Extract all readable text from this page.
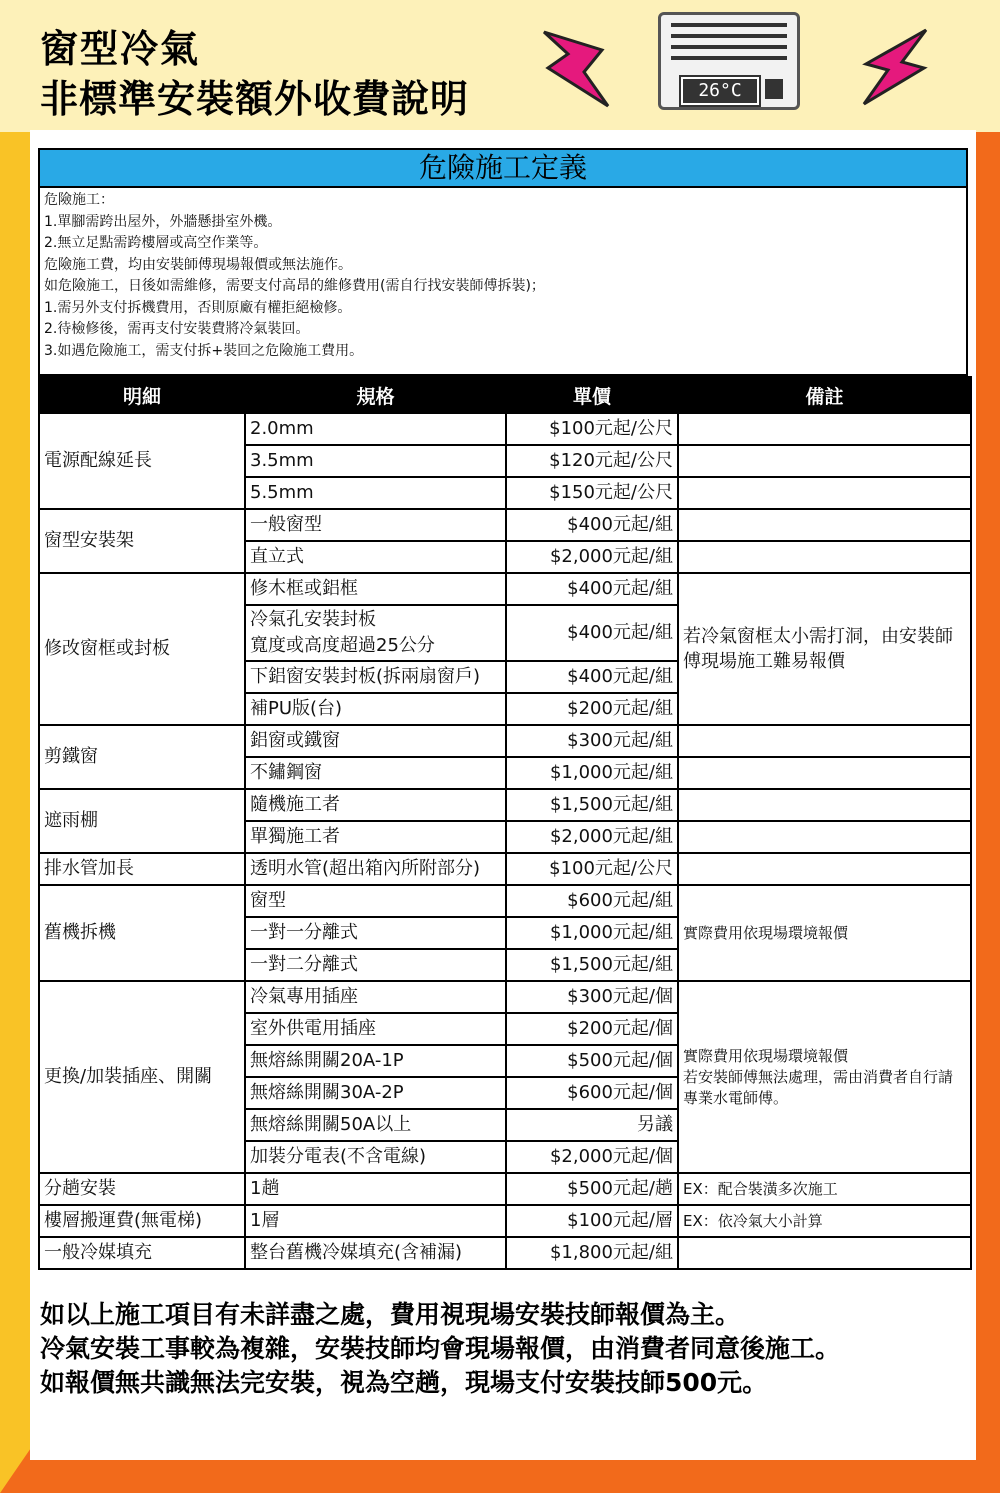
窗型冷氣
非標準安裝額外收費說明	26°C
危險施工定義
危險施工：
1.單腳需跨出屋外，外牆懸掛室外機。
2.無立足點需跨樓層或高空作業等。
危險施工費，均由安裝師傅現場報價或無法施作。
如危險施工，日後如需維修，需要支付高昂的維修費用(需自行找安裝師傅拆裝)；
1.需另外支付拆機費用，否則原廠有權拒絕檢修。
2.待檢修後，需再支付安裝費將冷氣裝回。
3.如遇危險施工，需支付拆+裝回之危險施工費用。
明細	規格	單價	備註
電源配線延長	2.0mm	$100元起/公尺	
	3.5mm	$120元起/公尺	
	5.5mm	$150元起/公尺	
窗型安裝架	一般窗型	$400元起/組	
	直立式	$2,000元起/組	
修改窗框或封板	修木框或鋁框	$400元起/組	若冷氣窗框太小需打洞，由安裝師傅現場施工難易報價

	冷氣孔安裝封板
寬度或高度超過25公分	$400元起/組	
	下鋁窗安裝封板(拆兩扇窗戶)	$400元起/組	
	補PU版(台)	$200元起/組	
剪鐵窗	鋁窗或鐵窗	$300元起/組	
	不鏽鋼窗	$1,000元起/組	
遮雨棚	隨機施工者	$1,500元起/組	
	單獨施工者	$2,000元起/組	
排水管加長	透明水管(超出箱內所附部分)	$100元起/公尺	
舊機拆機	窗型	$600元起/組	實際費用依現場環境報價
	一對一分離式	$1,000元起/組	
	一對二分離式	$1,500元起/組	
更換/加裝插座、開關	冷氣專用插座	$300元起/個	實際費用依現場環境報價
若安裝師傅無法處理，需由消費者自行請專業水電師傅。
	室外供電用插座	$200元起/個	
	無熔絲開關20A-1P	$500元起/個	
	無熔絲開關30A-2P	$600元起/個	
	無熔絲開關50A以上	另議	
	加裝分電表(不含電線)	$2,000元起/個	
分趟安裝	1趟	$500元起/趟	EX：配合裝潢多次施工
樓層搬運費(無電梯)	1層	$100元起/層	EX：依冷氣大小計算
一般冷媒填充	整台舊機冷媒填充(含補漏)	$1,800元起/組	
如以上施工項目有未詳盡之處，費用視現場安裝技師報價為主。
冷氣安裝工事較為複雜，安裝技師均會現場報價，由消費者同意後施工。
如報價無共識無法完安裝，視為空趟，現場支付安裝技師500元。
